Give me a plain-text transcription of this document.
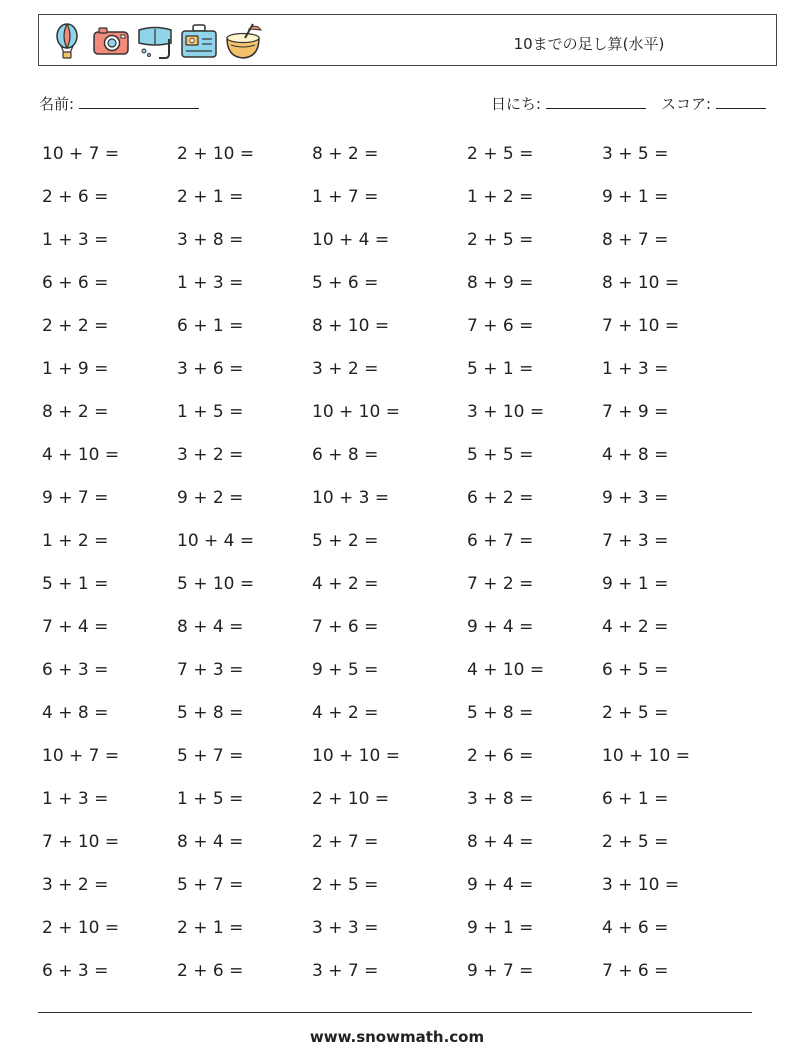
10までの足し算(水平)
名前:	日にち:	スコア:
10 + 7 =	2 + 10 =	8 + 2 =	2 + 5 =	3 + 5 =
2 + 6 =	2 + 1 =	1 + 7 =	1 + 2 =	9 + 1 =
1 + 3 =	3 + 8 =	10 + 4 =	2 + 5 =	8 + 7 =
6 + 6 =	1 + 3 =	5 + 6 =	8 + 9 =	8 + 10 =
2 + 2 =	6 + 1 =	8 + 10 =	7 + 6 =	7 + 10 =
1 + 9 =	3 + 6 =	3 + 2 =	5 + 1 =	1 + 3 =
8 + 2 =	1 + 5 =	10 + 10 =	3 + 10 =	7 + 9 =
4 + 10 =	3 + 2 =	6 + 8 =	5 + 5 =	4 + 8 =
9 + 7 =	9 + 2 =	10 + 3 =	6 + 2 =	9 + 3 =
1 + 2 =	10 + 4 =	5 + 2 =	6 + 7 =	7 + 3 =
5 + 1 =	5 + 10 =	4 + 2 =	7 + 2 =	9 + 1 =
7 + 4 =	8 + 4 =	7 + 6 =	9 + 4 =	4 + 2 =
6 + 3 =	7 + 3 =	9 + 5 =	4 + 10 =	6 + 5 =
4 + 8 =	5 + 8 =	4 + 2 =	5 + 8 =	2 + 5 =
10 + 7 =	5 + 7 =	10 + 10 =	2 + 6 =	10 + 10 =
1 + 3 =	1 + 5 =	2 + 10 =	3 + 8 =	6 + 1 =
7 + 10 =	8 + 4 =	2 + 7 =	8 + 4 =	2 + 5 =
3 + 2 =	5 + 7 =	2 + 5 =	9 + 4 =	3 + 10 =
2 + 10 =	2 + 1 =	3 + 3 =	9 + 1 =	4 + 6 =
6 + 3 =	2 + 6 =	3 + 7 =	9 + 7 =	7 + 6 =
www.snowmath.com
